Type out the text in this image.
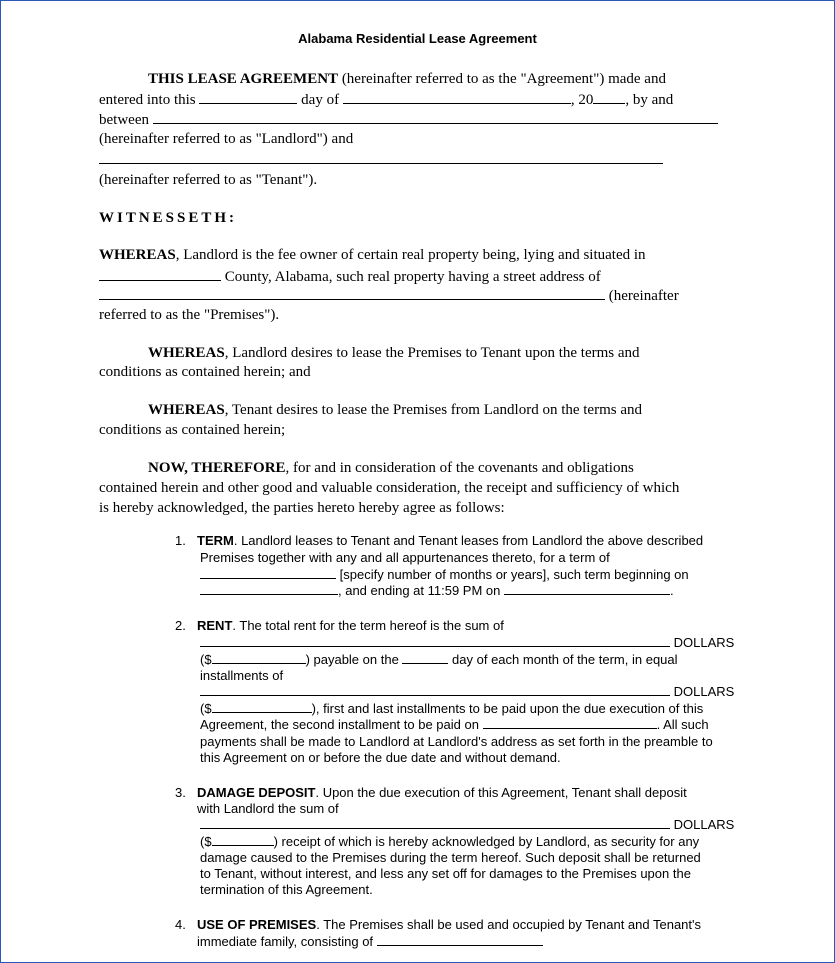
Alabama Residential Lease Agreement
THIS LEASE AGREEMENT (hereinafter referred to as the "Agreement") made and
entered into this	day of	, 20 , by and
between
(hereinafter referred to as "Landlord") and
(hereinafter referred to as "Tenant").
WITNESSETH:
WHEREAS, Landlord is the fee owner of certain real property being, lying and situated in
County, Alabama, such real property having a street address of
(hereinafter
referred to as the "Premises").
WHEREAS, Landlord desires to lease the Premises to Tenant upon the terms and
conditions as contained herein; and
WHEREAS, Tenant desires to lease the Premises from Landlord on the terms and
conditions as contained herein;
NOW, THEREFORE, for and in consideration of the covenants and obligations
contained herein and other good and valuable consideration, the receipt and sufficiency of which
is hereby acknowledged, the parties hereto hereby agree as follows:
1. TERM. Landlord leases to Tenant and Tenant leases from Landlord the above described
Premises together with any and all appurtenances thereto, for a term of
[specify number of months or years], such term beginning on
, and ending at 11:59 PM on	.
2. RENT. The total rent for the term hereof is the sum of
DOLLARS
($	) payable on the	day of each month of the term, in equal
installments of
DOLLARS
($	), first and last installments to be paid upon the due execution of this
Agreement, the second installment to be paid on	. All such
payments shall be made to Landlord at Landlord's address as set forth in the preamble to
this Agreement on or before the due date and without demand.
3. DAMAGE DEPOSIT. Upon the due execution of this Agreement, Tenant shall deposit
with Landlord the sum of
DOLLARS
($	) receipt of which is hereby acknowledged by Landlord, as security for any
damage caused to the Premises during the term hereof. Such deposit shall be returned
to Tenant, without interest, and less any set off for damages to the Premises upon the
termination of this Agreement.
4. USE OF PREMISES. The Premises shall be used and occupied by Tenant and Tenant's
immediate family, consisting of
